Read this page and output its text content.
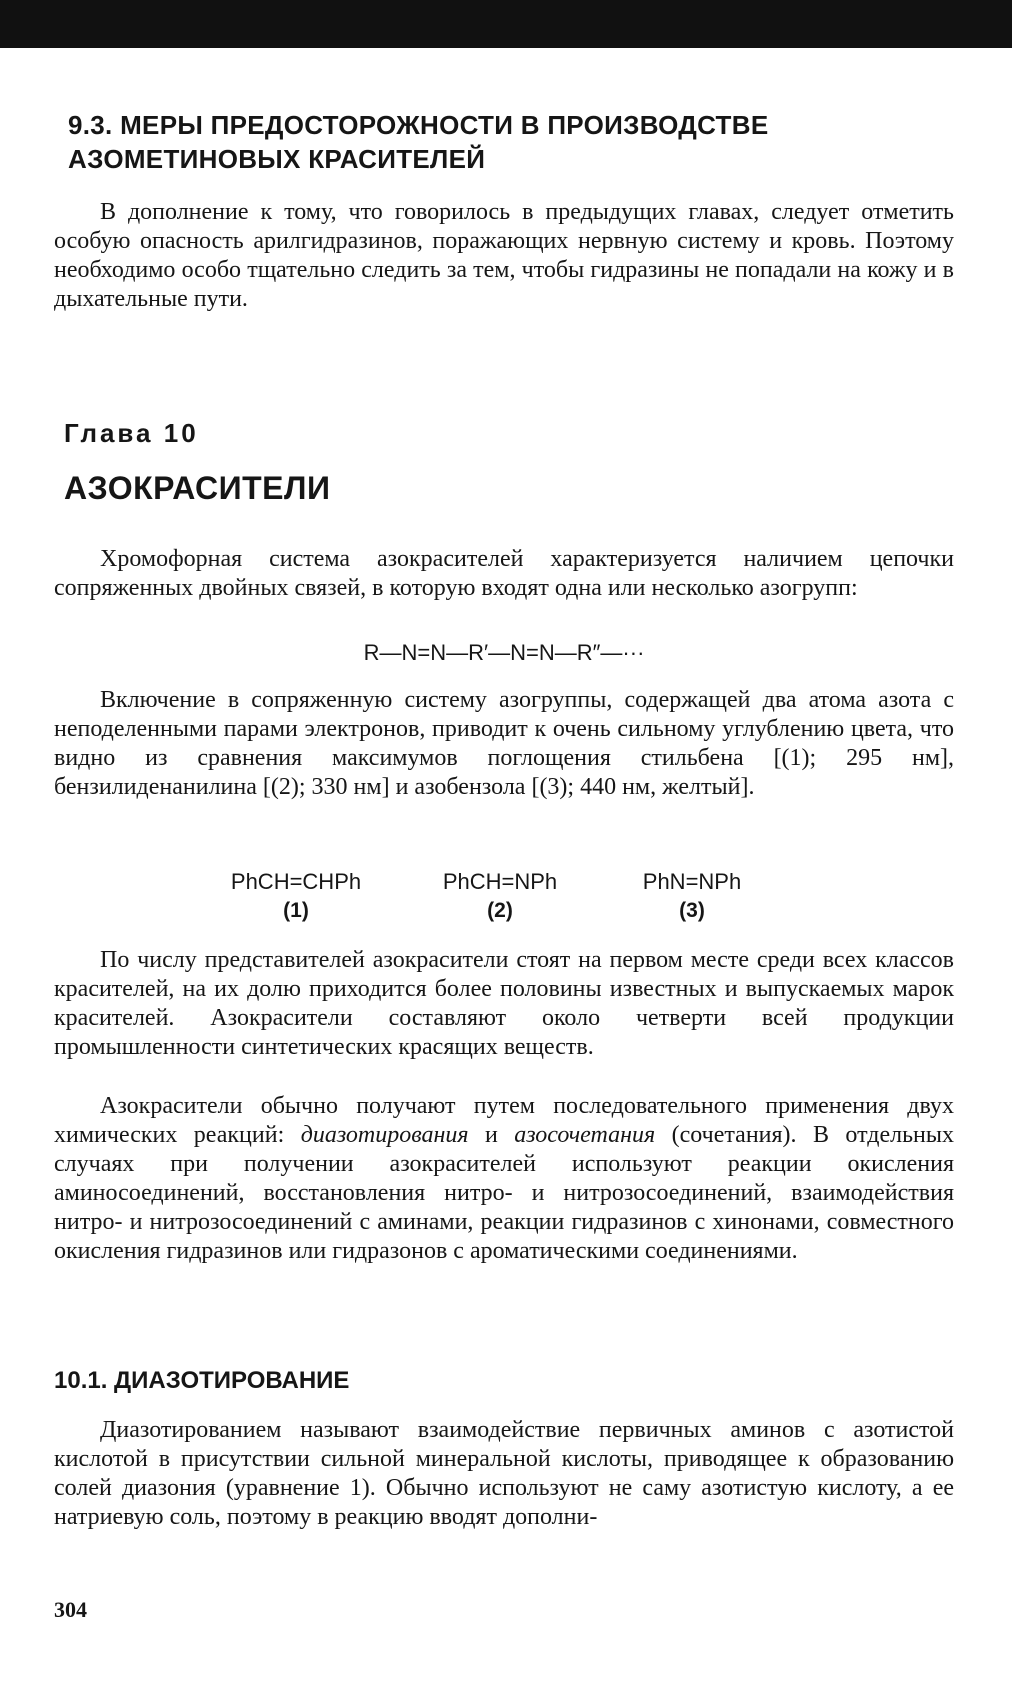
9.3. МЕРЫ ПРЕДОСТОРОЖНОСТИ В ПРОИЗВОДСТВЕ
АЗОМЕТИНОВЫХ КРАСИТЕЛЕЙ

В дополнение к тому, что говорилось в предыдущих главах, следует отметить особую опасность арилгидразинов, поражающих нервную систему и кровь. Поэтому необходимо особо тщательно следить за тем, чтобы гидразины не попадали на кожу и в дыхательные пути.

Глава 10
АЗОКРАСИТЕЛИ

Хромофорная система азокрасителей характеризуется наличием цепочки сопряженных двойных связей, в которую входят одна или несколько азогрупп:

R—N=N—R′—N=N—R″—···

Включение в сопряженную систему азогруппы, содержащей два атома азота с неподеленными парами электронов, приводит к очень сильному углублению цвета, что видно из сравнения максимумов поглощения стильбена [(1); 295 нм], бензилиденанилина [(2); 330 нм] и азобензола [(3); 440 нм, желтый].

PhCH=CHPh
(1)
PhCH=NPh
(2)
PhN=NPh
(3)

По числу представителей азокрасители стоят на первом месте среди всех классов красителей, на их долю приходится более половины известных и выпускаемых марок красителей. Азокрасители составляют около четверти всей продукции промышленности синтетических красящих веществ.

Азокрасители обычно получают путем последовательного применения двух химических реакций: диазотирования и азосочетания (сочетания). В отдельных случаях при получении азокрасителей используют реакции окисления аминосоединений, восстановления нитро- и нитрозосоединений, взаимодействия нитро- и нитрозосоединений с аминами, реакции гидразинов с хинонами, совместного окисления гидразинов или гидразонов с ароматическими соединениями.

10.1. ДИАЗОТИРОВАНИЕ

Диазотированием называют взаимодействие первичных аминов с азотистой кислотой в присутствии сильной минеральной кислоты, приводящее к образованию солей диазония (уравнение 1). Обычно используют не саму азотистую кислоту, а ее натриевую соль, поэтому в реакцию вводят дополни-

304
